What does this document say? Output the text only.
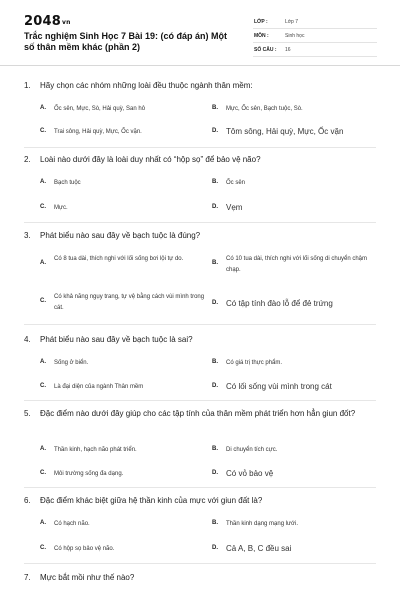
2048vn
Trắc nghiệm Sinh Học 7 Bài 19: (có đáp án) Một số thân mềm khác (phần 2)
LỚP :	Lớp 7
MÔN :	Sinh học
SỐ CÂU : 16
1.	Hãy chọn các nhóm những loài đều thuộc ngành thân mềm:
A. Ốc sên, Mực, Sò, Hải quỳ, San hô	B. Mực, Ốc sên, Bạch tuộc, Sò.
C. Trai sông, Hải quỳ, Mực, Ốc vặn.	D. Tôm sông, Hải quỳ, Mực, Ốc vặn
2.	Loài nào dưới đây là loài duy nhất có “hộp sọ” để bảo vệ não?
A. Bạch tuộc	B. Ốc sên
C. Mực.	D. Vẹm
3.	Phát biểu nào sau đây về bạch tuộc là đúng?
A.
Có 8 tua dài, thích nghi với lối sống bơi lội tự do.
B.
Có 10 tua dài, thích nghi với lối sống di chuyển chậm chạp.
C.
Có khả năng ngụy trang, tự vệ bằng cách vùi mình trong cát.
D. Có tập tính đào lỗ để đẻ trứng
4.	Phát biểu nào sau đây về bạch tuộc là sai?
A. Sống ở biển.	B. Có giá trị thực phẩm.
C. Là đại diện của ngành Thân mềm	D. Có lối sống vùi mình trong cát
5.	Đặc điểm nào dưới đây giúp cho các tập tính của thân mềm phát triển hơn hẳn giun đốt?
A. Thần kinh, hạch não phát triển.	B. Di chuyển tích cực.
C. Môi trường sống đa dạng.	D. Có vỏ bảo vệ
6.	Đặc điểm khác biệt giữa hệ thần kinh của mực với giun đất là?
A. Có hạch não.	B. Thần kinh dạng mạng lưới.
C. Có hộp sọ bảo vệ não.	D. Cả A, B, C đều sai
7.	Mực bắt mồi như thế nào?
